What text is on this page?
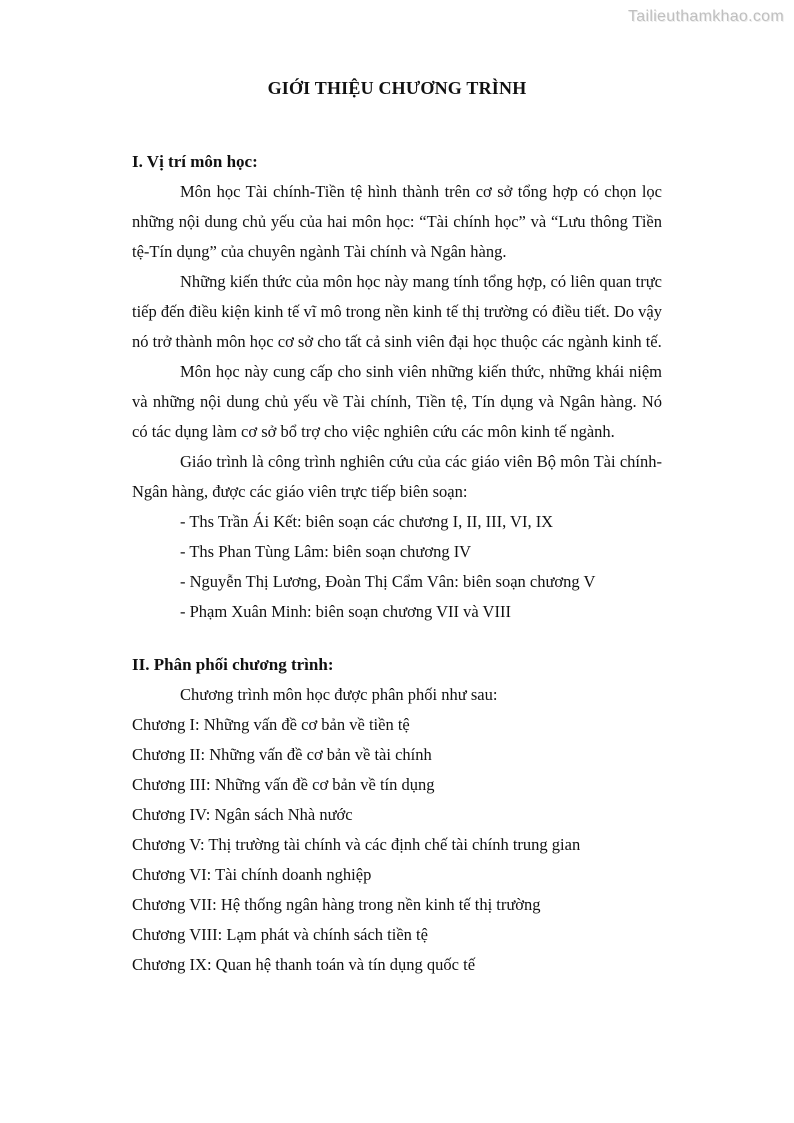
Tailieuthamkhao.com
GIỚI THIỆU CHƯƠNG TRÌNH
I. Vị trí môn học:

Môn học Tài chính-Tiền tệ hình thành trên cơ sở tổng hợp có chọn lọc những nội dung chủ yếu của hai môn học: “Tài chính học” và “Lưu thông Tiền tệ-Tín dụng” của chuyên ngành Tài chính và Ngân hàng.

Những kiến thức của môn học này mang tính tổng hợp, có liên quan trực tiếp đến điều kiện kinh tế vĩ mô trong nền kinh tế thị trường có điều tiết. Do vậy nó trở thành môn học cơ sở cho tất cả sinh viên đại học thuộc các ngành kinh tế.

Môn học này cung cấp cho sinh viên những kiến thức, những khái niệm và những nội dung chủ yếu về Tài chính, Tiền tệ, Tín dụng và Ngân hàng. Nó có tác dụng làm cơ sở bổ trợ cho việc nghiên cứu các môn kinh tế ngành.

Giáo trình là công trình nghiên cứu của các giáo viên Bộ môn Tài chính-Ngân hàng, được các giáo viên trực tiếp biên soạn:

- Ths Trần Ái Kết: biên soạn các chương I, II, III, VI, IX

- Ths Phan Tùng Lâm: biên soạn chương IV

- Nguyễn Thị Lương, Đoàn Thị Cẩm Vân: biên soạn chương V

- Phạm Xuân Minh: biên soạn chương VII và VIII

II. Phân phối chương trình:

Chương trình môn học được phân phối như sau:

Chương I: Những vấn đề cơ bản về tiền tệ

Chương II: Những vấn đề cơ bản về tài chính

Chương III: Những vấn đề cơ bản về tín dụng

Chương IV: Ngân sách Nhà nước

Chương V: Thị trường tài chính và các định chế tài chính trung gian

Chương VI: Tài chính doanh nghiệp

Chương VII: Hệ thống ngân hàng trong nền kinh tế thị trường

Chương VIII: Lạm phát và chính sách tiền tệ

Chương IX: Quan hệ thanh toán và tín dụng quốc tế
